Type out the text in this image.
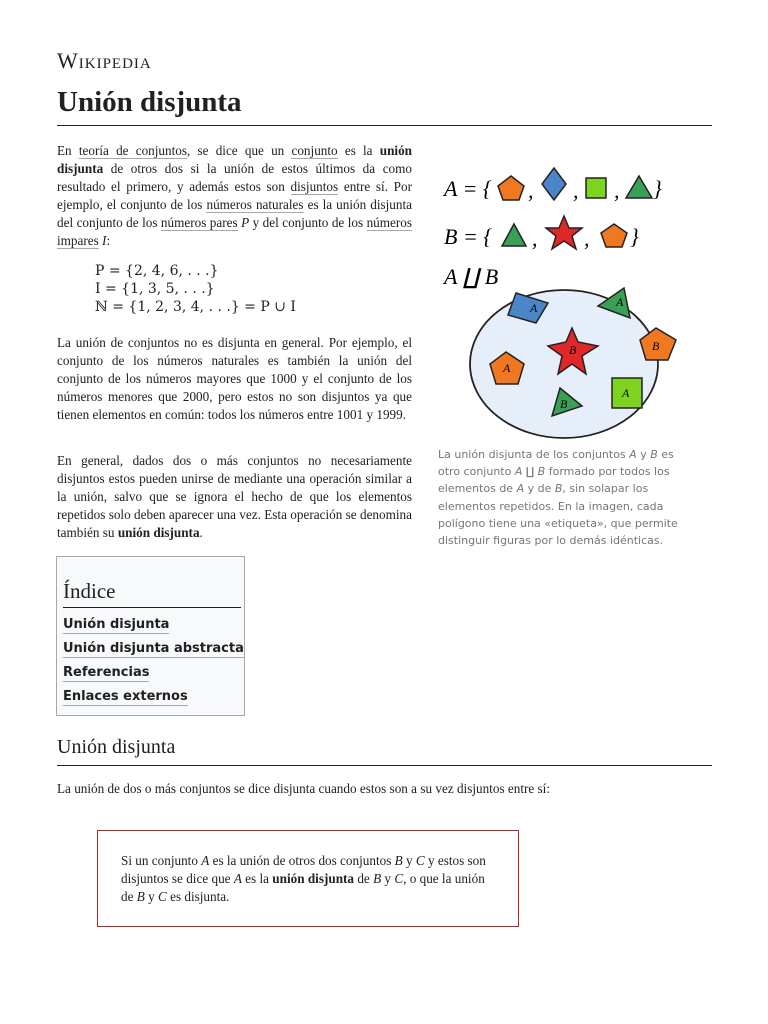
Wikipedia
Unión disjunta

En teoría de conjuntos, se dice que un conjunto es la unión disjunta de otros dos si la unión de estos últimos da como resultado el primero, y además estos son disjuntos entre sí. Por ejemplo, el conjunto de los números naturales es la unión disjunta del conjunto de los números pares P y del conjunto de los números impares I:

P = {2, 4, 6, . . .}
I = {1, 3, 5, . . .}
ℕ = {1, 2, 3, 4, . . .} = P ∪ I

La unión de conjuntos no es disjunta en general. Por ejemplo, el conjunto de los números naturales es también la unión del conjunto de los números mayores que 1000 y el conjunto de los números menores que 2000, pero estos no son disjuntos ya que tienen elementos en común: todos los números entre 1001 y 1999.

En general, dados dos o más conjuntos no necesariamente disjuntos estos pueden unirse de mediante una operación similar a la unión, salvo que se ignora el hecho de que los elementos repetidos solo deben aparecer una vez. Esta operación se denomina también su unión disjunta.

Índice
Unión disjunta
Unión disjunta abstracta
Referencias
Enlaces externos
Unión disjunta

La unión de dos o más conjuntos se dice disjunta cuando estos son a su vez disjuntos entre sí:

Si un conjunto A es la unión de otros dos conjuntos B y C y estos son disjuntos se dice que A es la unión disjunta de B y C, o que la unión de B y C es disjunta.

A = {
B = {
A ∐ B
, , , }
, , }
A	A
B
B
A
A
B
La unión disjunta de los conjuntos A y B es otro conjunto A ∐ B formado por todos los elementos de A y de B, sin solapar los elementos repetidos. En la imagen, cada polígono tiene una «etiqueta», que permite distinguir figuras por lo demás idénticas.
